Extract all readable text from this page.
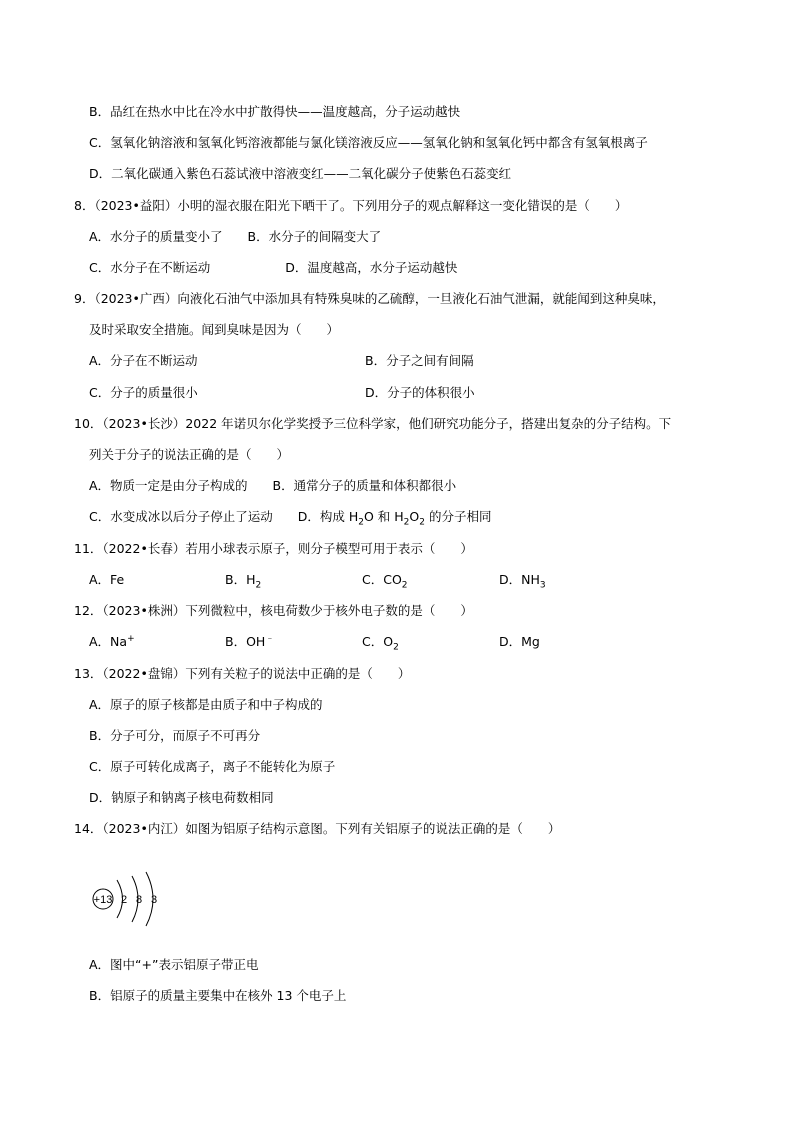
B．品红在热水中比在冷水中扩散得快——温度越高，分子运动越快
C．氢氧化钠溶液和氢氧化钙溶液都能与氯化镁溶液反应——氢氧化钠和氢氧化钙中都含有氢氧根离子
D．二氧化碳通入紫色石蕊试液中溶液变红——二氧化碳分子使紫色石蕊变红
8．（2023•益阳）小明的湿衣服在阳光下晒干了。下列用分子的观点解释这一变化错误的是（　　）
A．水分子的质量变小了　　B．水分子的间隔变大了
C．水分子在不断运动　　　　　　D．温度越高，水分子运动越快
9．（2023•广西）向液化石油气中添加具有特殊臭味的乙硫醇，一旦液化石油气泄漏，就能闻到这种臭味，
及时采取安全措施。闻到臭味是因为（　　）
A．分子在不断运动	B．分子之间有间隔
C．分子的质量很小	D．分子的体积很小
10．（2023•长沙）2022 年诺贝尔化学奖授予三位科学家，他们研究功能分子，搭建出复杂的分子结构。下
列关于分子的说法正确的是（　　）
A．物质一定是由分子构成的　　B．通常分子的质量和体积都很小
C．水变成冰以后分子停止了运动　　D．构成 $H_2O$ 和 $H_2O_2$ 的分子相同
11．（2022•长春）若用小球表示原子，则分子模型可用于表示（　　）
A．Fe	B．$H_2$	C．$CO_2$	D．$NH_3$
12．（2023•株洲）下列微粒中，核电荷数少于核外电子数的是（　　）
A．Na+	B．OH﹣	C．$O_2$	D．Mg
13．（2022•盘锦）下列有关粒子的说法中正确的是（　　）
A．原子的原子核都是由质子和中子构成的
B．分子可分，而原子不可再分
C．原子可转化成离子，离子不能转化为原子
D．钠原子和钠离子核电荷数相同
14．（2023•内江）如图为铝原子结构示意图。下列有关铝原子的说法正确的是（　　）
+13 2 8 3
A．图中“+”表示铝原子带正电
B．铝原子的质量主要集中在核外 13 个电子上
